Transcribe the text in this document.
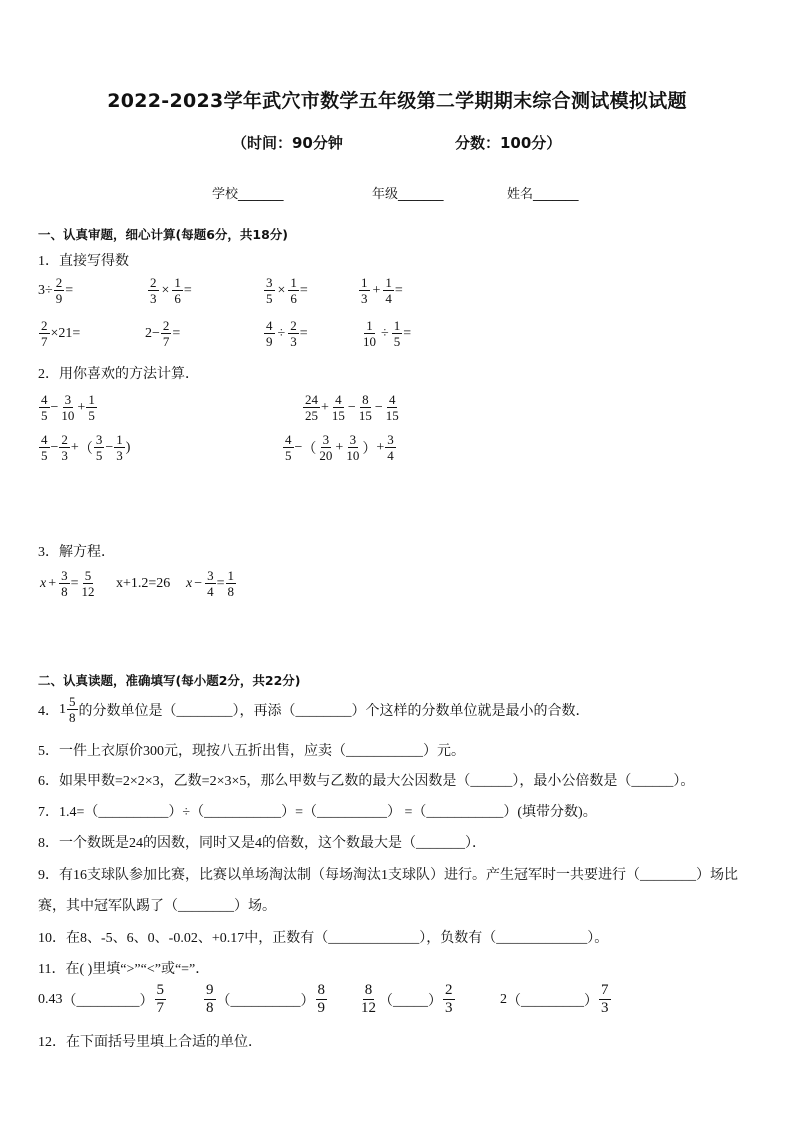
2022-2023学年武穴市数学五年级第二学期期末综合测试模拟试题
（时间：90分钟	分数：100分）
学校_______	年级_______	姓名_______
一、认真审题，细心计算(每题6分，共18分)
1．直接写得数
$3\div \frac{2}{9}$ =	$\frac{2}{3} \times \frac{1}{6}$ =	$\frac{3}{5} \times \frac{1}{6}$ =	$\frac{1}{3} + \frac{1}{4}$ =
$\frac{2}{7} \times 21=$	$2- \frac{2}{7}$ =	$\frac{4}{9} \div \frac{2}{3}$ =	$\frac{1}{10} \div \frac{1}{5}$ =
2．用你喜欢的方法计算．
$\frac{4}{5} - \frac{3}{10} + \frac{1}{5}$	$\frac{24}{25} + \frac{4}{15} - \frac{8}{15} - \frac{4}{15}$
$\frac{4}{5} - \frac{2}{3}$ + （ $\frac{3}{5} - \frac{1}{3}$ )	$\frac{4}{5}$ − （ $\frac{3}{20} + \frac{3}{10}$ ） + $\frac{3}{4}$
3．解方程．
$x + \frac{3}{8} = \frac{5}{12} x+1.2=26$ $x - \frac{3}{4} = \frac{1}{8}$
二、认真读题，准确填写(每小题2分，共22分)
4． $1 \frac{5}{8}$ 的分数单位是（________），再添（________）个这样的分数单位就是最小的合数．
5．一件上衣原价300元，现按八五折出售，应卖（___________）元。
6．如果甲数=2×2×3，乙数=2×3×5，那么甲数与乙数的最大公因数是（______），最小公倍数是（______）。
7．1.4=（__________）÷（___________）=（__________） =（___________）(填带分数)。
8．一个数既是24的因数，同时又是4的倍数，这个数最大是（_______）．
9．有16支球队参加比赛，比赛以单场淘汰制（每场淘汰1支球队）进行。产生冠军时一共要进行（________）场比
赛，其中冠军队踢了（________）场。
10．在8、-5、6、0、-0.02、+0.17中，正数有（_____________），负数有（_____________）。
11．在( )里填“>”“<”或“=”．
0.43 （_________） $\frac{5}{7}$	$\frac{9}{8}$ （__________） $\frac{8}{9} \frac{8}{12}$ （_____） $\frac{2}{3}$	2 （_________） $\frac{7}{3}$
12．在下面括号里填上合适的单位．
